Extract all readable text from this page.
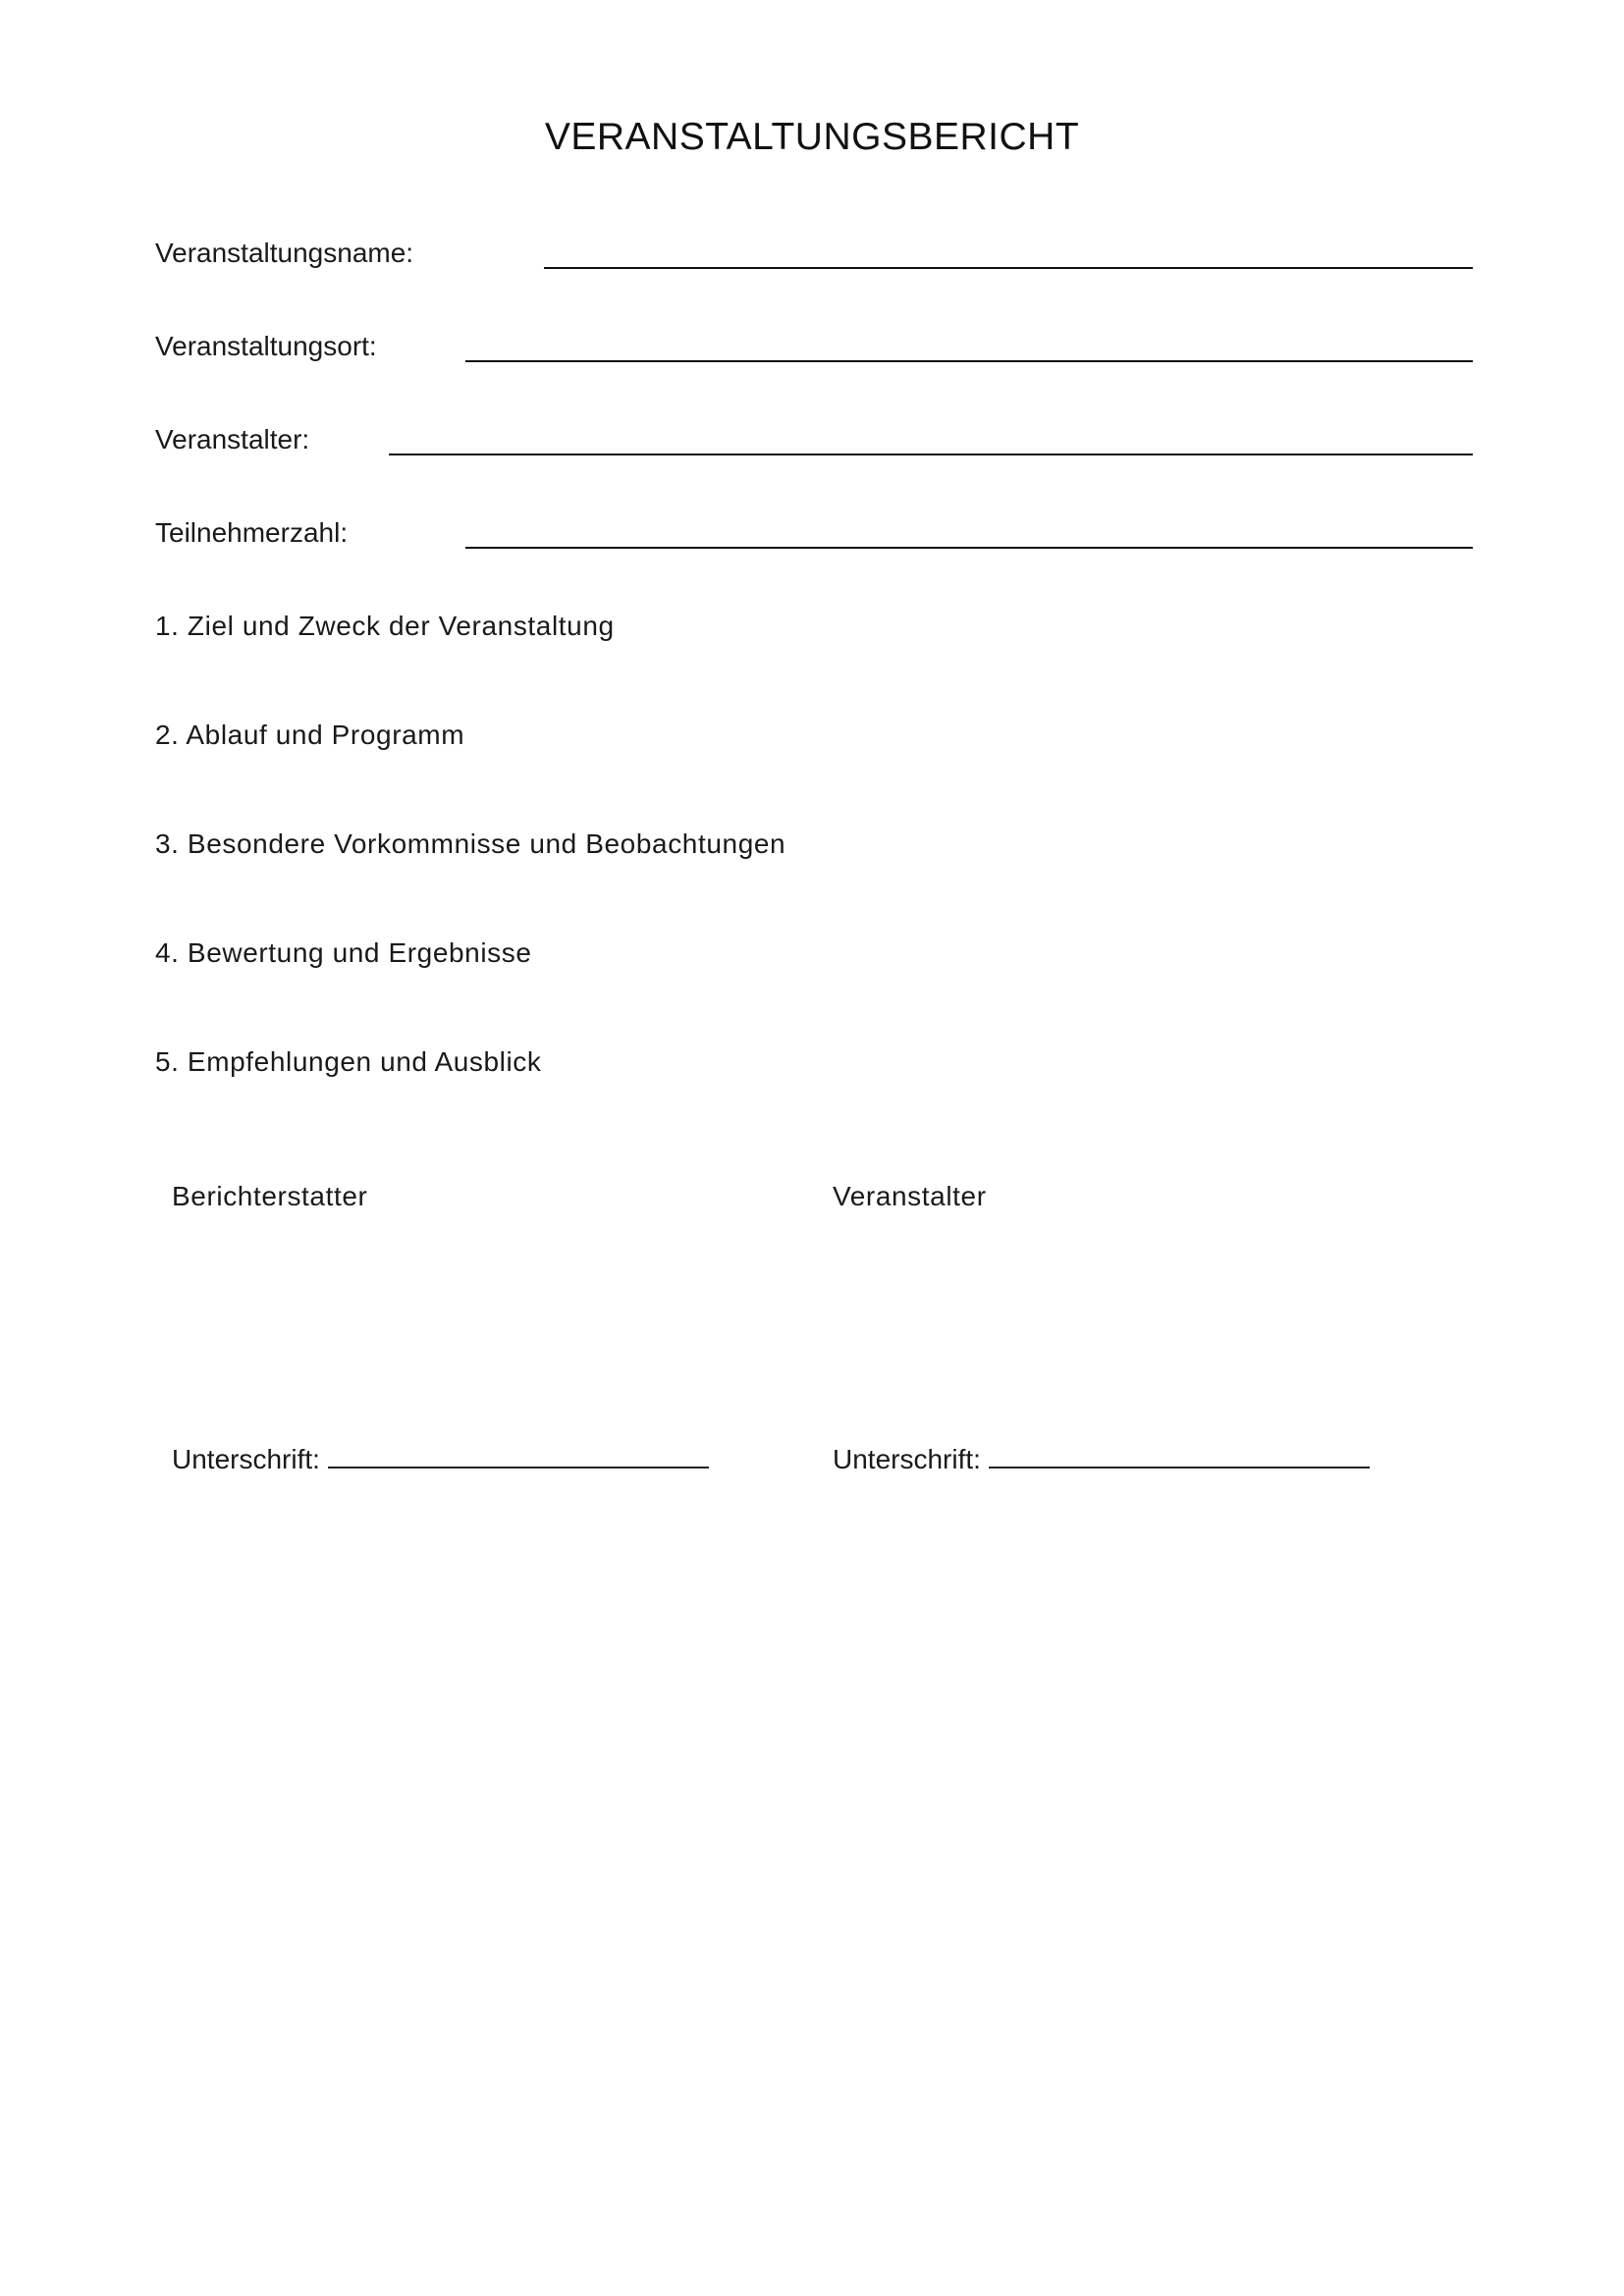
VERANSTALTUNGSBERICHT
Veranstaltungsname:
Veranstaltungsort:
Veranstalter:
Teilnehmerzahl:
1. Ziel und Zweck der Veranstaltung
2. Ablauf und Programm
3. Besondere Vorkommnisse und Beobachtungen
4. Bewertung und Ergebnisse
5. Empfehlungen und Ausblick
Berichterstatter	Veranstalter
Unterschrift:	Unterschrift:
